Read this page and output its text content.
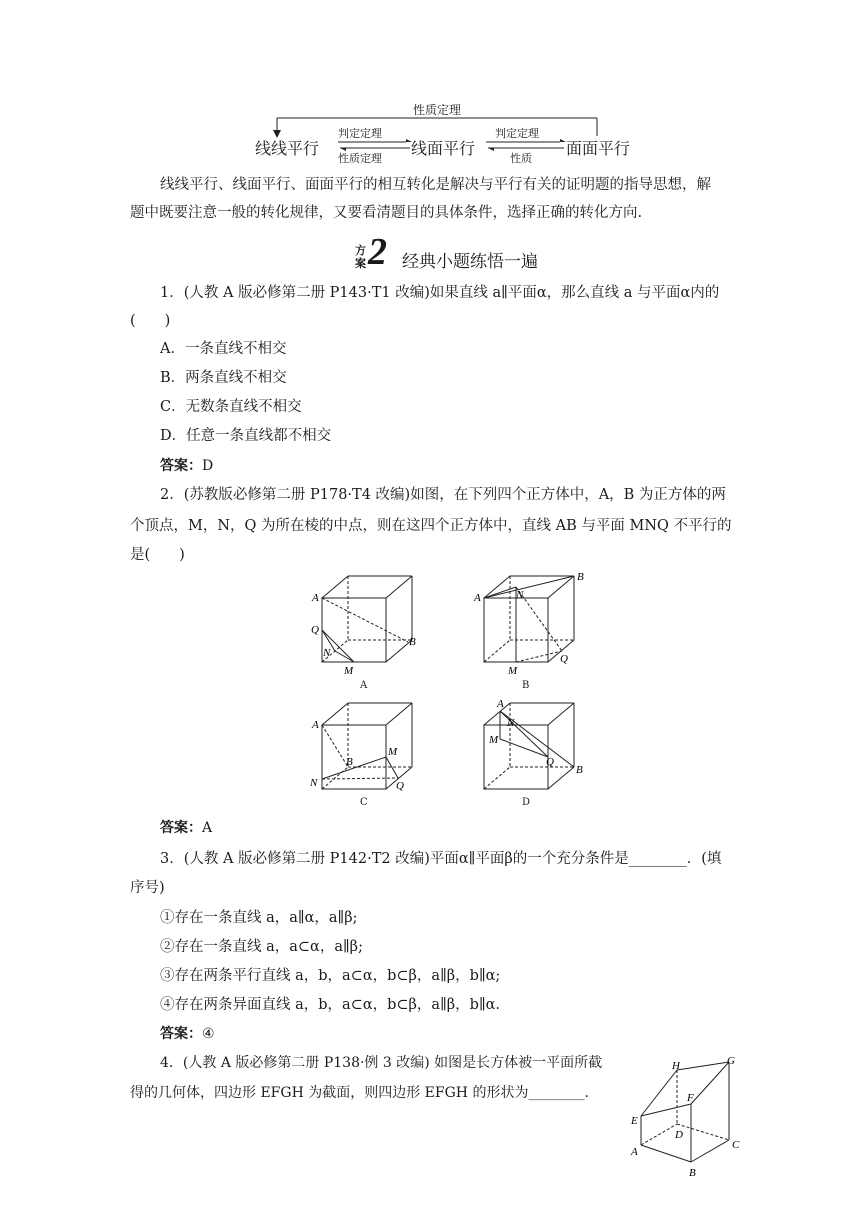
性质定理
线线平行	线面平行	面面平行
判定定理
性质定理
判定定理
性质
线线平行、线面平行、面面平行的相互转化是解决与平行有关的证明题的指导思想，解
题中既要注意一般的转化规律，又要看清题目的具体条件，选择正确的转化方向.
方
案 2 经典小题练悟一遍
1．(人教 A 版必修第二册 P143·T1 改编)如果直线 a∥平面α，那么直线 a 与平面α内的
(　　)
A．一条直线不相交
B．两条直线不相交
C．无数条直线不相交
D．任意一条直线都不相交
答案：D
2．(苏教版必修第二册 P178·T4 改编)如图，在下列四个正方体中，A，B 为正方体的两
个顶点，M，N，Q 为所在棱的中点，则在这四个正方体中，直线 AB 与平面 MNQ 不平行的
是(　　)
A
Q
N
M
B
A
A	N
B
M
Q
B
A
B
M
N	Q
C
A
N
M
Q
B
D
答案：A
3．(人教 A 版必修第二册 P142·T2 改编)平面α∥平面β的一个充分条件是________．(填
序号)
①存在一条直线 a，a∥α，a∥β;
②存在一条直线 a，a⊂α，a∥β;
③存在两条平行直线 a，b，a⊂α，b⊂β，a∥β，b∥α;
④存在两条异面直线 a，b，a⊂α，b⊂β，a∥β，b∥α.
答案：④
4．(人教 A 版必修第二册 P138·例 3 改编) 如图是长方体被一平面所截
得的几何体，四边形 EFGH 为截面，则四边形 EFGH 的形状为________.
H	G
E
F
D
C
A
B
